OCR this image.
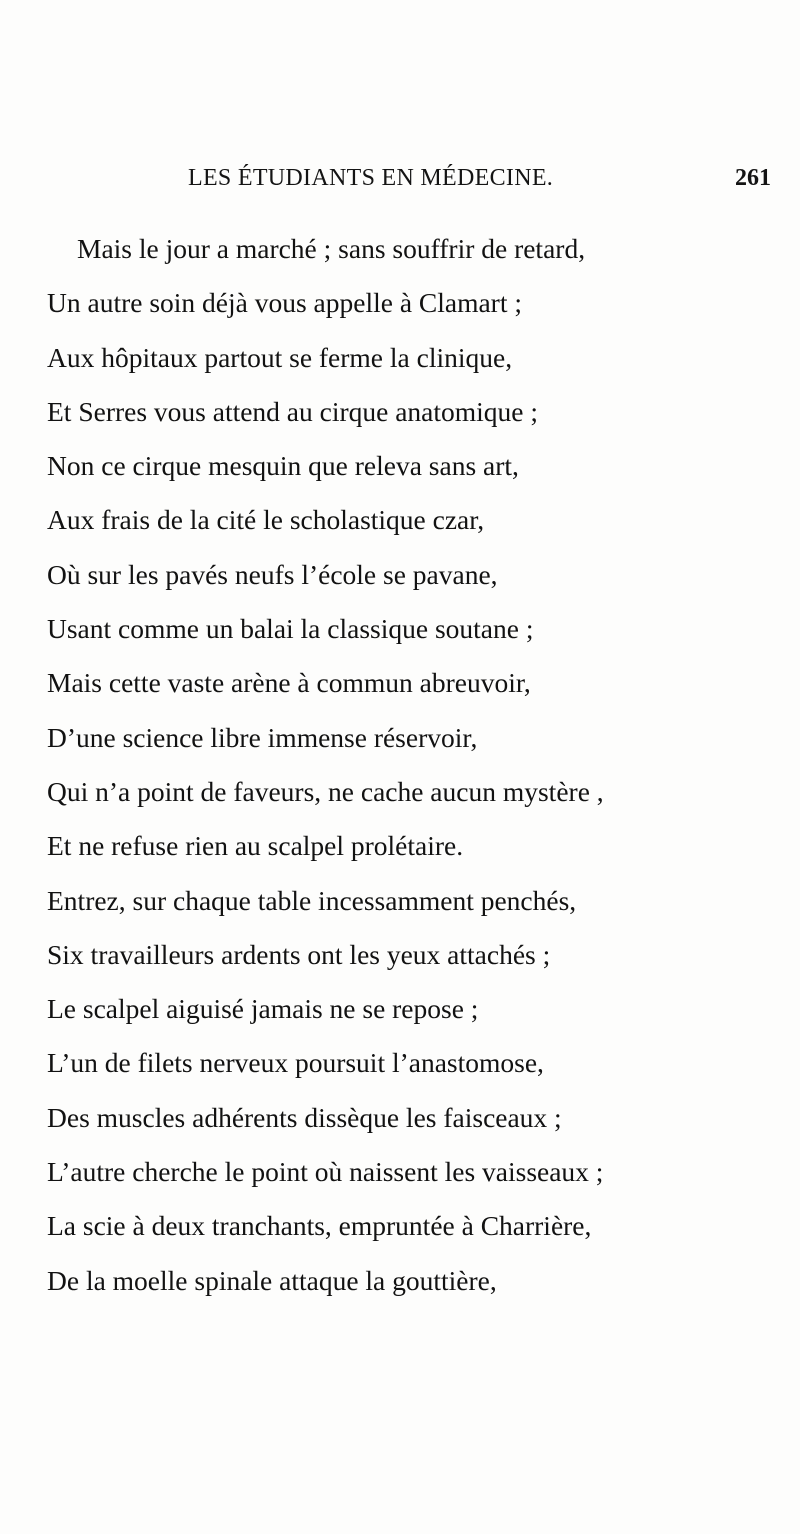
LES ÉTUDIANTS EN MÉDECINE.	261
Mais le jour a marché ; sans souffrir de retard,
Un autre soin déjà vous appelle à Clamart ;
Aux hôpitaux partout se ferme la clinique,
Et Serres vous attend au cirque anatomique ;
Non ce cirque mesquin que releva sans art,
Aux frais de la cité le scholastique czar,
Où sur les pavés neufs l’école se pavane,
Usant comme un balai la classique soutane ;
Mais cette vaste arène à commun abreuvoir,
D’une science libre immense réservoir,
Qui n’a point de faveurs, ne cache aucun mystère ,
Et ne refuse rien au scalpel prolétaire.
Entrez, sur chaque table incessamment penchés,
Six travailleurs ardents ont les yeux attachés ;
Le scalpel aiguisé jamais ne se repose ;
L’un de filets nerveux poursuit l’anastomose,
Des muscles adhérents dissèque les faisceaux ;
L’autre cherche le point où naissent les vaisseaux ;
La scie à deux tranchants, empruntée à Charrière,
De la moelle spinale attaque la gouttière,
